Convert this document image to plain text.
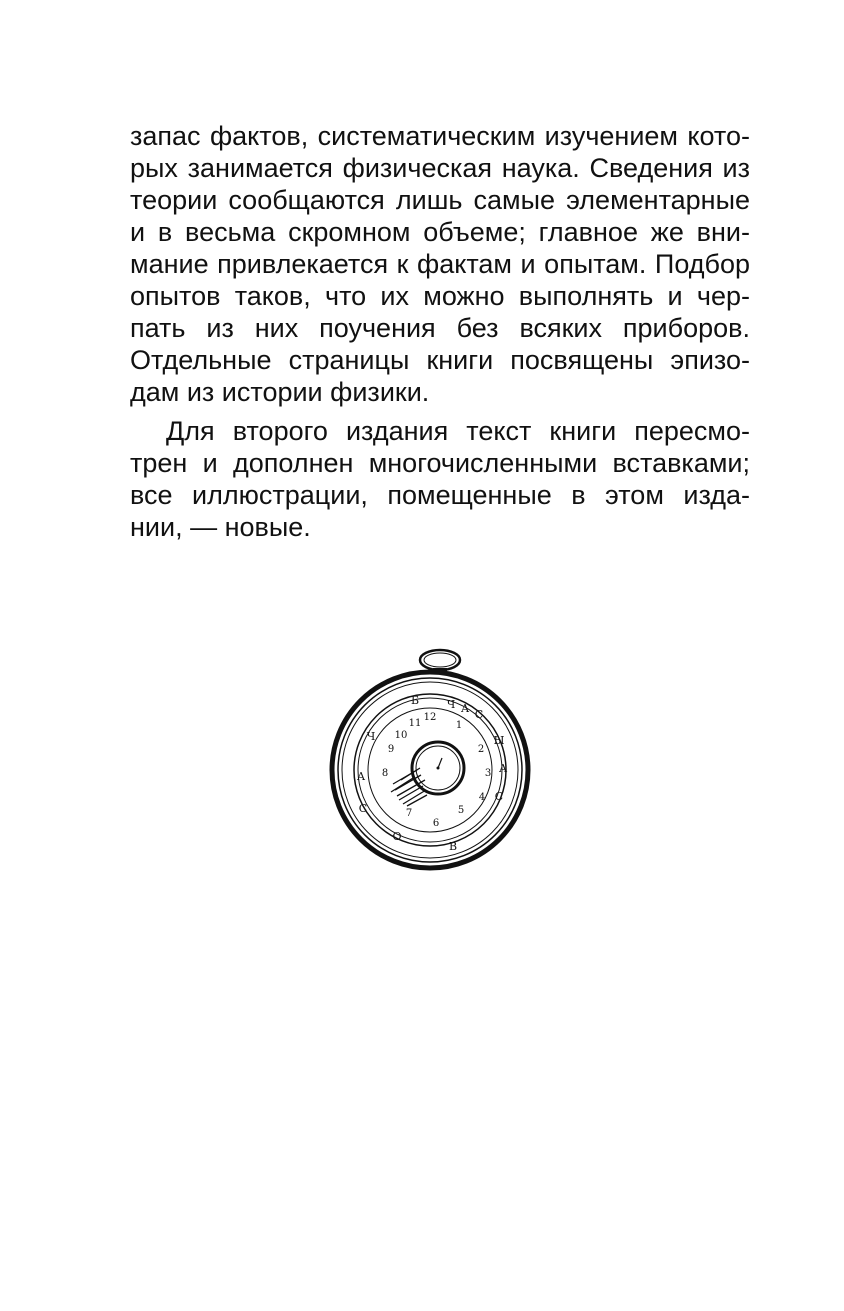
запас фактов, систематическим изучением кото-
рых занимается физическая наука. Сведения из
теории сообщаются лишь самые элементарные
и в весьма скромном объеме; главное же вни-
мание привлекается к фактам и опытам. Подбор
опытов таков, что их можно выполнять и чер-
пать из них поучения без всяких приборов.
Отдельные страницы книги посвящены эпизо-
дам из истории физики.
Для второго издания текст книги пересмо-
трен и дополнен многочисленными вставками;
все иллюстрации, помещенные в этом изда-
нии, — новые.
12
1
2
3
4
5
6
7
8
9
10
11
Ч А С
Ы
Б
О
В
С
А
Ч
А
С
